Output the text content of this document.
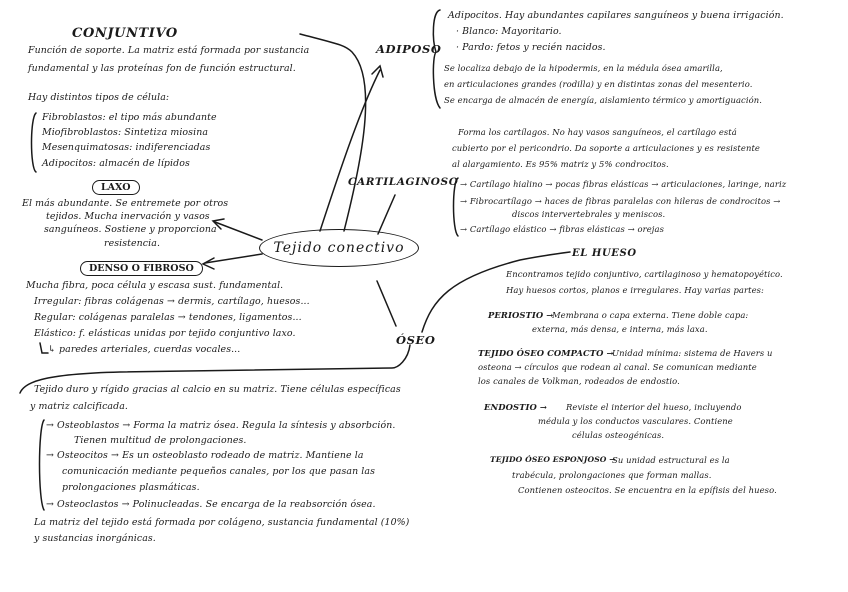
Tejido conectivo
CONJUNTIVO
Función de soporte. La matriz está formada por sustancia
fundamental y las proteínas fon de función estructural.
Hay distintos tipos de célula:
Fibroblastos: el tipo más abundante
Miofibroblastos: Sintetiza miosina
Mesenquimatosas: indiferenciadas
Adipocitos: almacén de lípidos
LAXO
El más abundante. Se entremete por otros
tejidos. Mucha inervación y vasos
sanguíneos. Sostiene y proporciona
resistencia.
DENSO O FIBROSO
Mucha fibra, poca célula y escasa sust. fundamental.
Irregular: fibras colágenas → dermis, cartílago, huesos...
Regular: colágenas paralelas → tendones, ligamentos...
Elástico: f. elásticas unidas por tejido conjuntivo laxo.
↳ paredes arteriales, cuerdas vocales...
ADIPOSO
Adipocitos. Hay abundantes capilares sanguíneos y buena irrigación.
· Blanco: Mayoritario.
· Pardo: fetos y recién nacidos.
Se localiza debajo de la hipodermis, en la médula ósea amarilla,
en articulaciones grandes (rodilla) y en distintas zonas del mesenterio.
Se encarga de almacén de energía, aislamiento térmico y amortiguación.
CARTILAGINOSO
Forma los cartílagos. No hay vasos sanguíneos, el cartílago está
cubierto por el pericondrio. Da soporte a articulaciones y es resistente
al alargamiento. Es 95% matriz y 5% condrocitos.
→ Cartílago hialino → pocas fibras elásticas → articulaciones, laringe, nariz
→ Fibrocartílago → haces de fibras paralelas con hileras de condrocitos →
discos intervertebrales y meniscos.
→ Cartílago elástico → fibras elásticas → orejas
ÓSEO
Tejido duro y rígido gracias al calcio en su matriz. Tiene células específicas
y matriz calcificada.
→ Osteoblastos → Forma la matriz ósea. Regula la síntesis y absorbción.
Tienen multitud de prolongaciones.
→ Osteocitos → Es un osteoblasto rodeado de matriz. Mantiene la
comunicación mediante pequeños canales, por los que pasan las
prolongaciones plasmáticas.
→ Osteoclastos → Polinucleadas. Se encarga de la reabsorción ósea.
La matriz del tejido está formada por colágeno, sustancia fundamental (10%)
y sustancias inorgánicas.
EL HUESO
Encontramos tejido conjuntivo, cartilaginoso y hematopoyético.
Hay huesos cortos, planos e irregulares. Hay varias partes:
PERIOSTIO →
Membrana o capa externa. Tiene doble capa:
externa, más densa, e interna, más laxa.
TEJIDO ÓSEO COMPACTO →
Unidad mínima: sistema de Havers u
osteona → círculos que rodean al canal. Se comunican mediante
los canales de Volkman, rodeados de endostio.
ENDOSTIO → Reviste el interior del hueso, incluyendo
médula y los conductos vasculares. Contiene
células osteogénicas.
TEJIDO ÓSEO ESPONJOSO →
Su unidad estructural es la
trabécula, prolongaciones que forman mallas.
Contienen osteocitos. Se encuentra en la epífisis del hueso.
